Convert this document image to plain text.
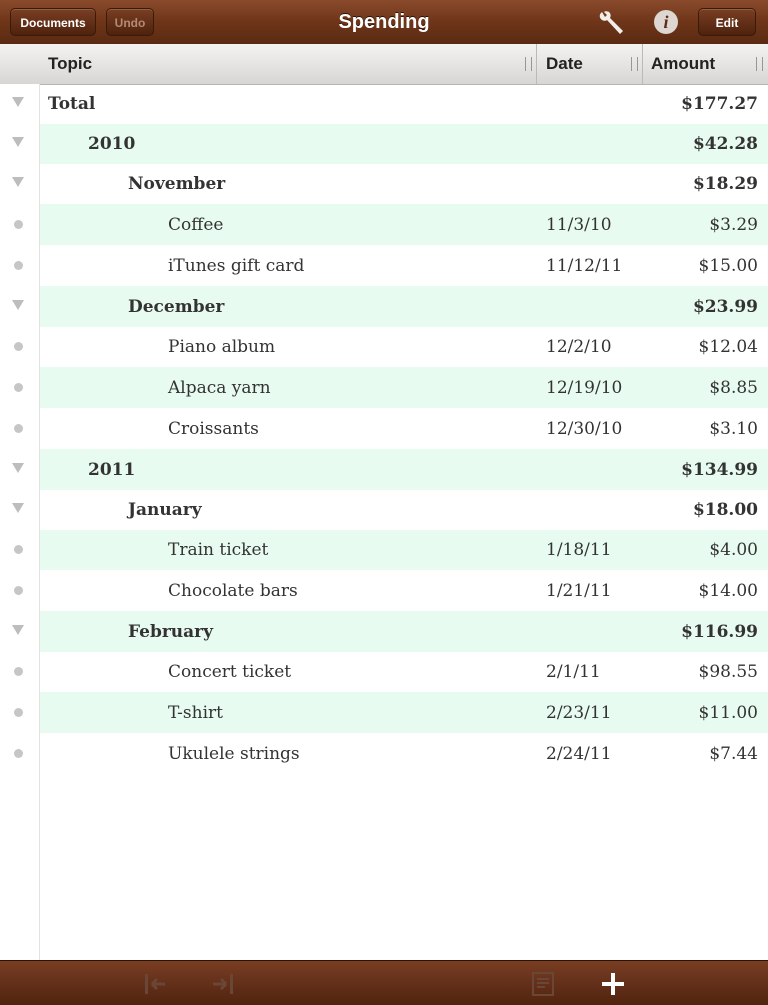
Documents	Undo	Spending	i	Edit
Topic	Date	Amount
Total	$177.27
2010	$42.28
November	$18.29
Coffee	11/3/10	$3.29
iTunes gift card	11/12/11	$15.00
December	$23.99
Piano album	12/2/10	$12.04
Alpaca yarn	12/19/10	$8.85
Croissants	12/30/10	$3.10
2011	$134.99
January	$18.00
Train ticket	1/18/11	$4.00
Chocolate bars	1/21/11	$14.00
February	$116.99
Concert ticket	2/1/11	$98.55
T-shirt	2/23/11	$11.00
Ukulele strings	2/24/11	$7.44
